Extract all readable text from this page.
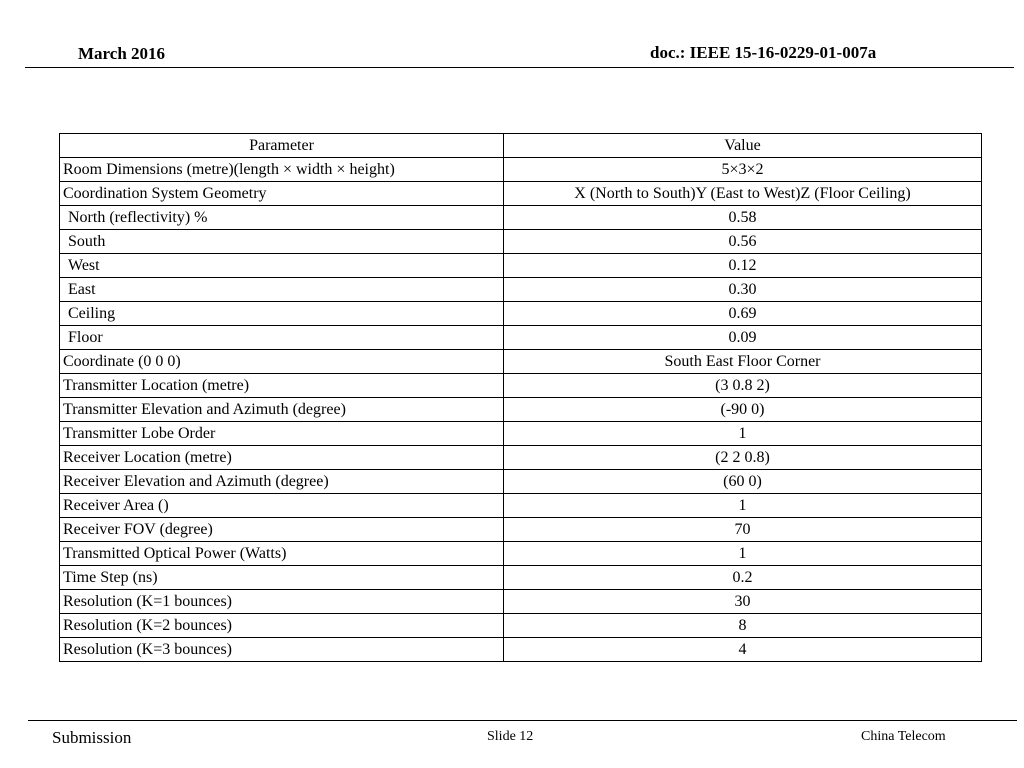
March 2016	doc.: IEEE 15-16-0229-01-007a
Parameter	Value
Room Dimensions (metre)(length × width × height)	5×3×2
Coordination System Geometry	X (North to South)Y (East to West)Z (Floor Ceiling)
North (reflectivity) %	0.58
South	0.56
West	0.12
East	0.30
Ceiling	0.69
Floor	0.09
Coordinate (0 0 0)	South East Floor Corner
Transmitter Location (metre)	(3 0.8 2)
Transmitter Elevation and Azimuth (degree)	(-90 0)
Transmitter Lobe Order	1
Receiver Location (metre)	(2 2 0.8)
Receiver Elevation and Azimuth (degree)	(60 0)
Receiver Area ()	1
Receiver FOV (degree)	70
Transmitted Optical Power (Watts)	1
Time Step (ns)	0.2
Resolution (K=1 bounces)	30
Resolution (K=2 bounces)	8
Resolution (K=3 bounces)	4
Submission	Slide 12	China Telecom
